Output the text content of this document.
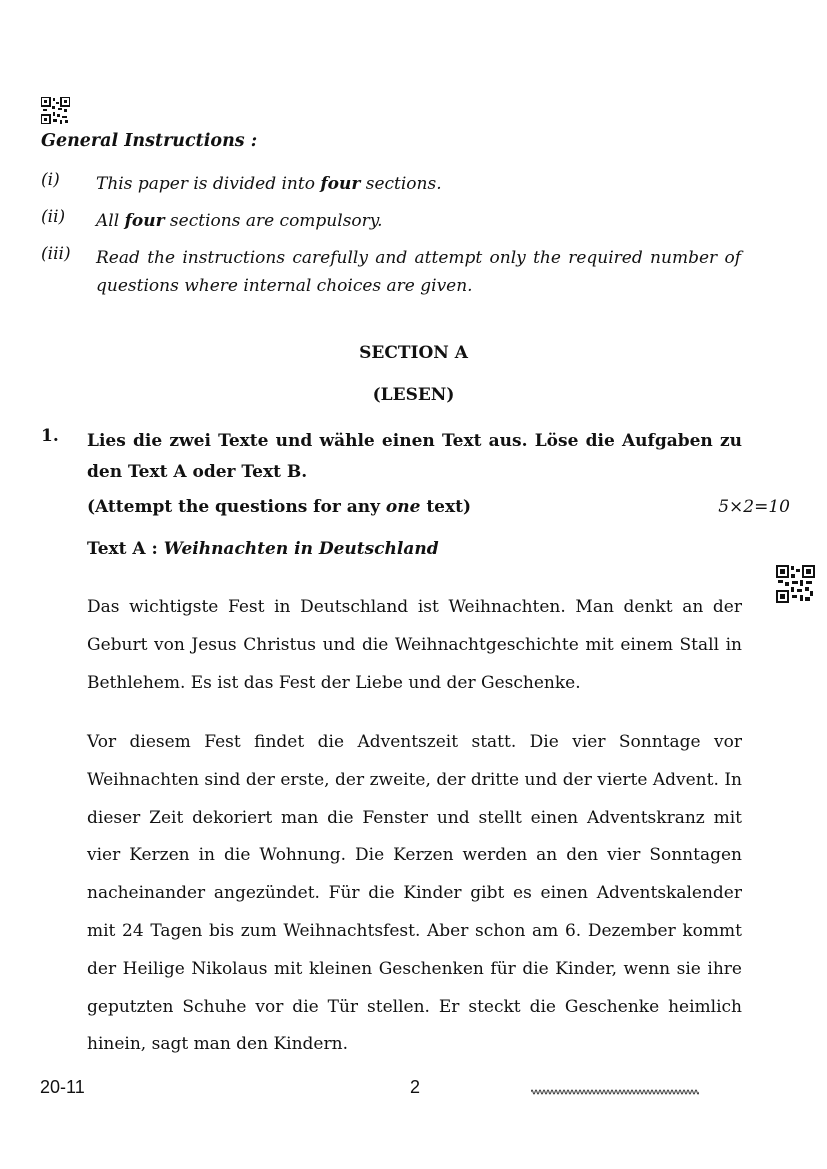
General Instructions :
(i) This paper is divided into four sections.
(ii) All four sections are compulsory.
(iii) Read the instructions carefully and attempt only the required number of questions where internal choices are given.
SECTION A
(LESEN)
1. Lies die zwei Texte und wähle einen Text aus. Löse die Aufgaben zu den Text A oder Text B.
(Attempt the questions for any one text)	5×2=10
Text A : Weihnachten in Deutschland
Das wichtigste Fest in Deutschland ist Weihnachten. Man denkt an der Geburt von Jesus Christus und die Weihnachtgeschichte mit einem Stall in Bethlehem. Es ist das Fest der Liebe und der Geschenke.
Vor diesem Fest findet die Adventszeit statt. Die vier Sonntage vor Weihnachten sind der erste, der zweite, der dritte und der vierte Advent. In dieser Zeit dekoriert man die Fenster und stellt einen Adventskranz mit vier Kerzen in die Wohnung. Die Kerzen werden an den vier Sonntagen nacheinander angezündet. Für die Kinder gibt es einen Adventskalender mit 24 Tagen bis zum Weihnachtsfest. Aber schon am 6. Dezember kommt der Heilige Nikolaus mit kleinen Geschenken für die Kinder, wenn sie ihre geputzten Schuhe vor die Tür stellen. Er steckt die Geschenke heimlich hinein, sagt man den Kindern.
20-11	2
